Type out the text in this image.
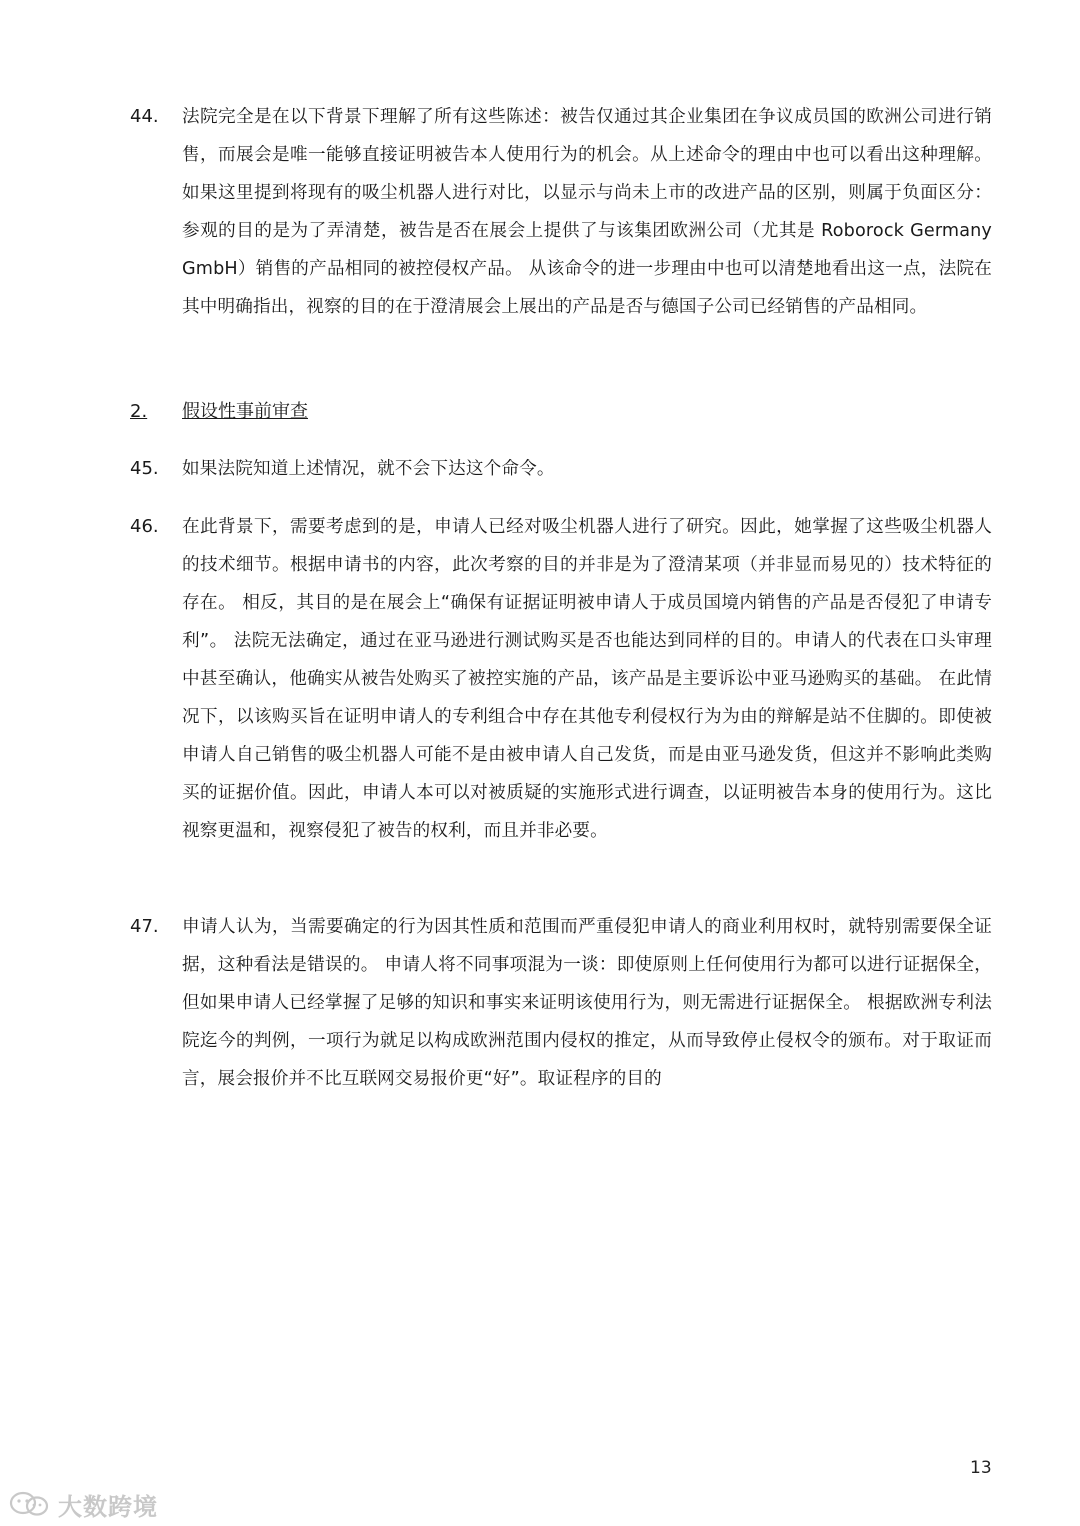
44. 法院完全是在以下背景下理解了所有这些陈述：被告仅通过其企业集团在争议成员国的欧洲公司进行销售，而展会是唯一能够直接证明被告本人使用行为的机会。从上述命令的理由中也可以看出这种理解。 如果这里提到将现有的吸尘机器人进行对比，以显示与尚未上市的改进产品的区别，则属于负面区分： 参观的目的是为了弄清楚，被告是否在展会上提供了与该集团欧洲公司（尤其是 Roborock Germany GmbH）销售的产品相同的被控侵权产品。 从该命令的进一步理由中也可以清楚地看出这一点，法院在其中明确指出，视察的目的在于澄清展会上展出的产品是否与德国子公司已经销售的产品相同。
2. 假设性事前审查
45. 如果法院知道上述情况，就不会下达这个命令。
46. 在此背景下，需要考虑到的是，申请人已经对吸尘机器人进行了研究。因此，她掌握了这些吸尘机器人的技术细节。根据申请书的内容，此次考察的目的并非是为了澄清某项（并非显而易见的）技术特征的存在。 相反，其目的是在展会上“确保有证据证明被申请人于成员国境内销售的产品是否侵犯了申请专利”。 法院无法确定，通过在亚马逊进行测试购买是否也能达到同样的目的。申请人的代表在口头审理中甚至确认，他确实从被告处购买了被控实施的产品，该产品是主要诉讼中亚马逊购买的基础。 在此情况下，以该购买旨在证明申请人的专利组合中存在其他专利侵权行为为由的辩解是站不住脚的。即使被申请人自己销售的吸尘机器人可能不是由被申请人自己发货，而是由亚马逊发货，但这并不影响此类购买的证据价值。因此，申请人本可以对被质疑的实施形式进行调查，以证明被告本身的使用行为。这比视察更温和，视察侵犯了被告的权利，而且并非必要。
47. 申请人认为，当需要确定的行为因其性质和范围而严重侵犯申请人的商业利用权时，就特别需要保全证据，这种看法是错误的。 申请人将不同事项混为一谈：即使原则上任何使用行为都可以进行证据保全，但如果申请人已经掌握了足够的知识和事实来证明该使用行为，则无需进行证据保全。 根据欧洲专利法院迄今的判例，一项行为就足以构成欧洲范围内侵权的推定，从而导致停止侵权令的颁布。对于取证而言，展会报价并不比互联网交易报价更“好”。取证程序的目的
13
大数跨境
